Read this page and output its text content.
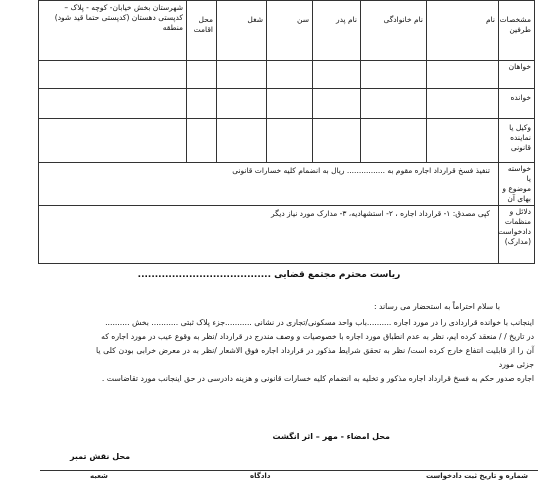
مشخصات طرفین	نام	نام خانوادگی	نام پدر	سن	شغل	محل اقامت	شهرستان بخش خیابان- کوچه - پلاک – کدپستی دهستان (کدپستی حتما قید شود) منطقه
خواهان							
خوانده							
وکیل یا نماینده قانونی							
خواسته یا موضوع و بهای آن	تنفیذ فسخ قرارداد اجاره مقوم به ................ ریال به انضمام کلیه خسارات قانونی						
دلائل و منظمات دادخواست (مدارک)	کپی مصدق: ۱- قرارداد اجاره ، ۲- استشهادیه، ۳- مدارک مورد نیاز دیگر						
ریاست محترم مجتمع قضایی .......................................

اینجانب با خوانده قراردادی را در مورد اجاره ..........باب واحد مسکونی/تجاری در نشانی ...........جزء پلاک ثبتی ........... بخش ..........

در تاریخ / / منعقد کرده ایم، نظر به عدم انطباق مورد اجاره با خصوصیات و وصف مندرج در قرارداد /نظر به وقوع عیب در مورد اجاره که

آن را از قابلیت انتفاع خارج کرده است/ نظر به تحقق شرایط مذکور در قرارداد اجاره فوق الاشعار /نظر به در معرض خرابی بودن کلی یا جزئی مورد

اجاره صدور حکم به فسخ قرارداد اجاره مذکور و تخلیه به انضمام کلیه خسارات قانونی و هزینه دادرسی در حق اینجانب مورد تقاضاست .

با سلام احتراماً به استحضار می رساند :
محل امضاء - مهر – اثر انگشت
محل نقش تمبر
شماره و تاریخ ثبت دادخواست
دادگاه
شعبه
